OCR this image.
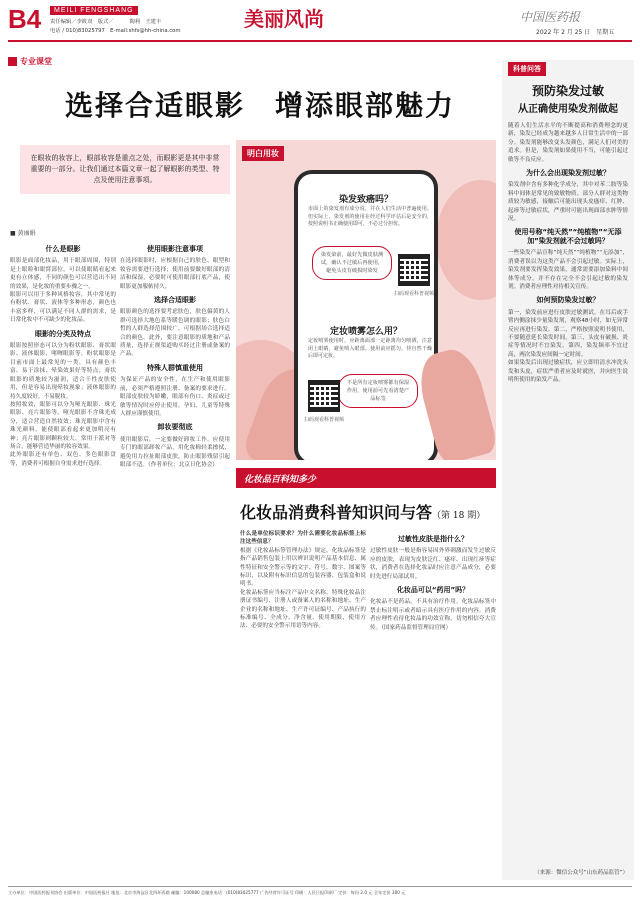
B4	MEILI FENGSHANG
责任编辑／李筱双　版式／　　　陶利　王建丰
电话 / 010)83025797　E-mail:shfs@hh-china.com	美丽风尚	中国医药报
2022 年 2 月 25 日　星期五
专业课堂
选择合适眼影　增添眼部魅力
在眼妆的妆容上，眼部妆容是重点之处，而眼影更是其中非常重要的一部分。让我们通过本篇文章一起了解眼影的类型、特点及使用注意事项。
■ 黄丽娟
什么是眼影

眼影是面部化妆品，用于眼部周围，特别是上眼睑和眼窝部位，可以使眼睛看起来更有立体感，不同的颜色可以营造出不同的效果，是化妆的重要步骤之一。

眼影可以用于多种风格妆容，其中常见的有粉状、膏状、液体等多种形态，颜色也丰富多样，可以满足不同人群的需求，是日常化妆中不可缺少的化妆品。

眼影的分类及特点

眼影按照形态可以分为粉状眼影、膏状眼影、液体眼影、啫喱眼影等。粉状眼影是目前市面上最常见的一类，具有颜色丰富、易于涂抹、晕染效果好等特点；膏状眼影的质地较为滋润，适合干性皮肤使用，但是容易出现晕妆现象；液体眼影的持久度较好，不易脱妆。

按照妆效，眼影可以分为哑光眼影、珠光眼影、亮片眼影等。哑光眼影不含珠光成分，适合营造自然妆效；珠光眼影中含有珠光颜料，能使眼部看起来更加明亮有神；亮片眼影则颗粒较大，常用于派对等场合，能够营造华丽的妆容效果。

此外眼影还有单色、双色、多色眼影盘等，消费者可根据自身需求进行选择。

使用眼影注意事项

在选择眼影时，应根据自己的肤色、眼型和妆容需要进行选择；使用前要做好眼部的清洁和保湿，必要时可使用眼部打底产品，使眼影更加服帖持久。

选择合适眼影

眼影颜色的选择要考虑肤色，肤色偏黄的人群可选择大地色系等暖色调的眼影；肤色白皙的人群选择范围较广，可根据场合选择适合的颜色。此外，要注意眼影的质地和产品质量，选择正规渠道购买经过注册或备案的产品。

特殊人群慎重使用

为保证产品的安全性，在生产和使用眼影前，必须严格遵照注册、备案的要求进行。眼部皮肤较为娇嫩，眼部有伤口、炎症或过敏等情况时应停止使用，孕妇、儿童等特殊人群应谨慎使用。

卸妆要彻底

使用眼影后，一定要做好卸妆工作。应使用专门的眼部卸妆产品，用化妆棉轻柔擦拭，避免用力拉扯眼部皮肤，防止眼影残留引起眼部不适。（作者单位：北京日化协会）

明白用妆
染发致癌吗？
市面上的染发剂有成分说，并在人们生活中普遍使用。但实际上，染发剂的使用在经过科学评估后是安全的，按照说明书正确使用即可，不必过分担忧。
染发染前，最好先做皮肤测试，确认不过敏后再使用，避免头皮有破损时染发
扫码观看科普视频
定妆喷雾怎么用？
定妆喷雾使用时，应距离面部一定距离均匀喷洒，注意闭上眼睛，避免喷入眼部。使用前应摇匀，待自然干燥后即可定妆。
不是所有定妆喷雾都有保湿作用，使用前可先看清楚产品标签
扫码观看科普视频
化妆品百科知多少
化妆品消费科普知识问与答（第 18 期）

什么是单位标识要求？为什么需要化妆品标签上标注这些信息？

根据《化妆品标签管理办法》规定，化妆品标签是指产品销售包装上用以辨识说明产品基本信息、属性特征和安全警示等的文字、符号、数字、图案等标识，以及附有标识信息的包装容器、包装盒和说明书。

化妆品标签应当标注产品中文名称、特殊化妆品注册证书编号、注册人或备案人的名称和地址、生产企业的名称和地址、生产许可证编号、产品执行的标准编号、全成分、净含量、使用期限、使用方法、必要的安全警示用语等内容。

过敏性皮肤是指什么？

过敏性皮肤一般是指容易因外界刺激而发生过敏反应的皮肤，表现为皮肤泛红、瘙痒、出现红疹等症状，消费者在选择化妆品时应注意产品成分，必要时先进行局部试用。

化妆品可以“药用”吗？

化妆品不是药品，不具有治疗作用。化妆品标签中禁止标注明示或者暗示具有医疗作用的内容。消费者应理性看待化妆品的功效宣称，切勿相信夸大宣传。（国家药品监督管理局官网）

科普问答
预防染发过敏
从正确使用染发剂做起

随着人们生活水平的不断提高和消费理念的更新，染发已经成为越来越多人日常生活中的一部分。染发剂能够改变头发颜色，满足人们对美的追求。但是，染发剂如果使用不当，可能引起过敏等不良反应。

为什么会出现染发剂过敏？

染发剂中含有多种化学成分，其中对苯二胺等染料中间体是常见的致敏物质。部分人群对这类物质较为敏感，接触后可能出现头皮瘙痒、红肿、起疹等过敏症状，严重时可能出现面部水肿等情况。

使用号称“纯天然”“纯植物”“无添加”染发剂就不会过敏吗？

一些染发产品宣称“纯天然”“纯植物”“无添加”，消费者误以为这类产品不会引起过敏。实际上，染发剂要发挥染发效果，通常需要添加染料中间体等成分，并不存在完全不会引起过敏的染发剂。消费者应理性对待相关宣传。

如何预防染发过敏？

第一，染发前应进行皮肤过敏测试。在耳后或手臂内侧涂抹少量染发剂，观察48小时，如无异常反应再进行染发。第二，严格按照说明书使用，不要随意延长染发时间。第三，头皮有破损、炎症等情况时不宜染发。第四，染发频率不宜过高，两次染发应间隔一定时间。

如果染发后出现过敏症状，应立即用清水冲洗头发和头皮，症状严重者应及时就医，并向医生说明所使用的染发产品。

（来源：微信公众号“山东药品监管”）
主办单位：中国医药报刊协会 出版单位：中国医药报社 地址：北京市海淀区北四环西路 邮编：100080 总编室电话：(010)83025777 广告经营许可证号 印刷：人民日报印刷厂 定价：每份 2.0 元 全年定价 300 元
